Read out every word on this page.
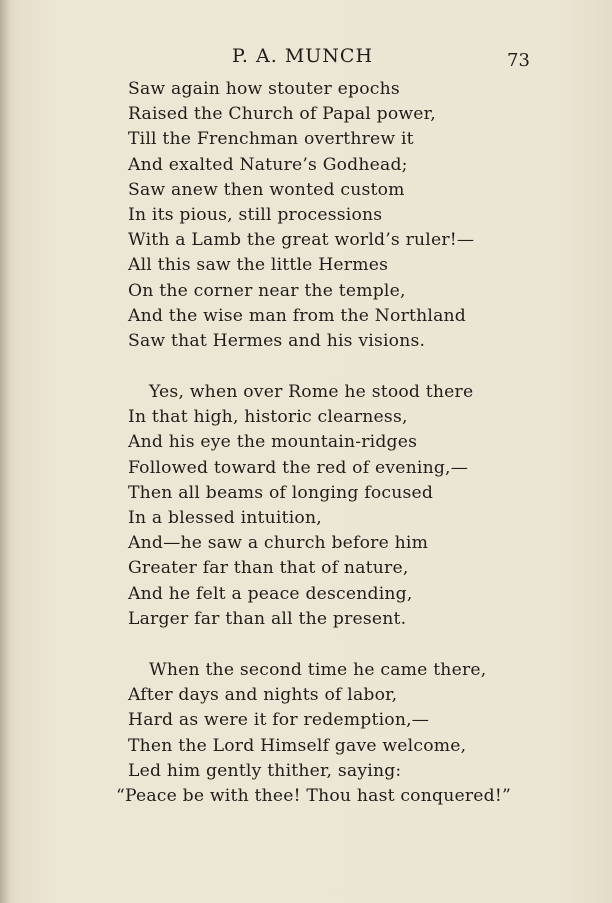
P. A. MUNCH	73
Saw again how stouter epochs
Raised the Church of Papal power,
Till the Frenchman overthrew it
And exalted Nature’s Godhead;
Saw anew then wonted custom
In its pious, still processions
With a Lamb the great world’s ruler!—
All this saw the little Hermes
On the corner near the temple,
And the wise man from the Northland
Saw that Hermes and his visions.
Yes, when over Rome he stood there
In that high, historic clearness,
And his eye the mountain-ridges
Followed toward the red of evening,—
Then all beams of longing focused
In a blessed intuition,
And—he saw a church before him
Greater far than that of nature,
And he felt a peace descending,
Larger far than all the present.
When the second time he came there,
After days and nights of labor,
Hard as were it for redemption,—
Then the Lord Himself gave welcome,
Led him gently thither, saying:
“Peace be with thee! Thou hast conquered!”
